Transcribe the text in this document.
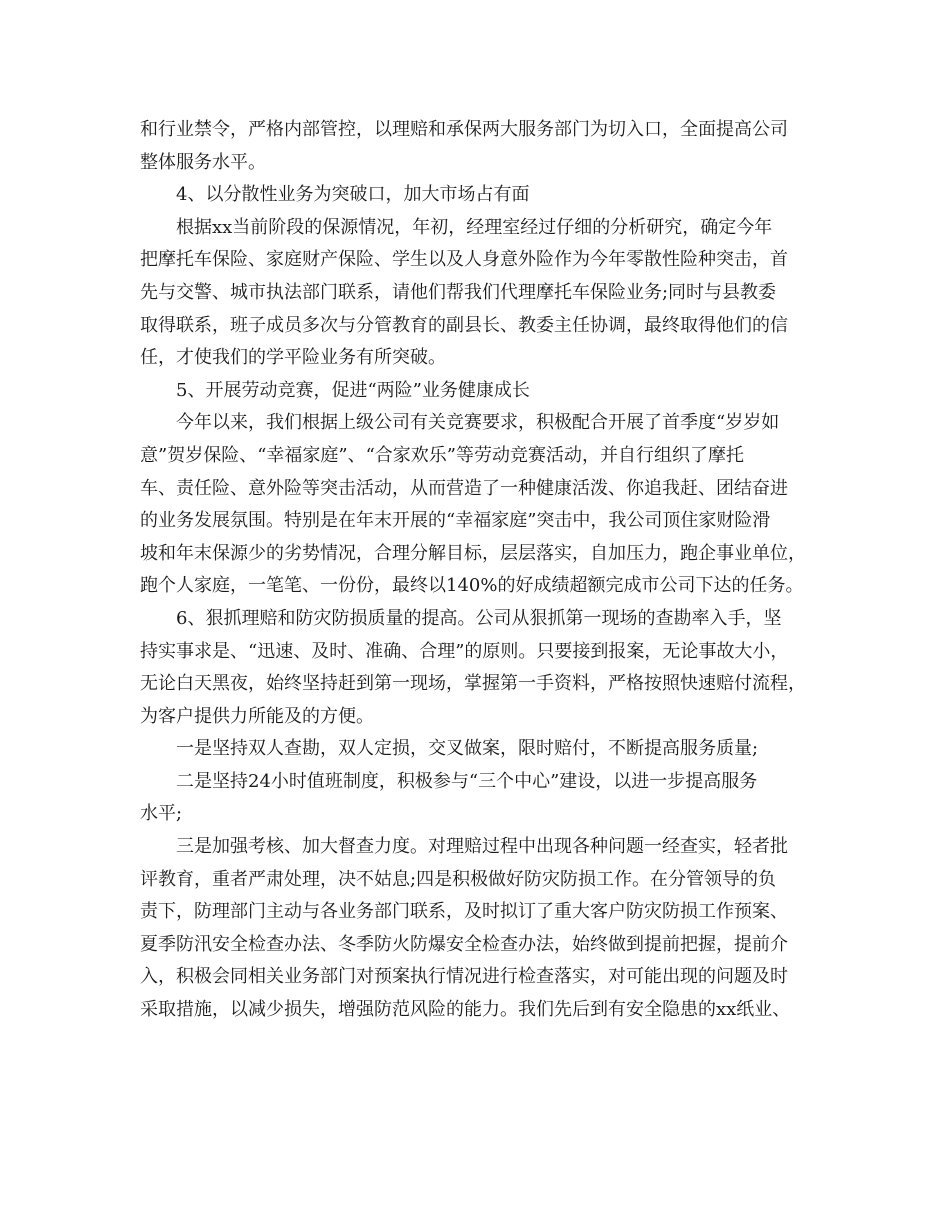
和行业禁令，严格内部管控，以理赔和承保两大服务部门为切入口，全面提高公司
整体服务水平。
4、以分散性业务为突破口，加大市场占有面
根据xx当前阶段的保源情况，年初，经理室经过仔细的分析研究，确定今年
把摩托车保险、家庭财产保险、学生以及人身意外险作为今年零散性险种突击，首
先与交警、城市执法部门联系，请他们帮我们代理摩托车保险业务;同时与县教委
取得联系，班子成员多次与分管教育的副县长、教委主任协调，最终取得他们的信
任，才使我们的学平险业务有所突破。
5、开展劳动竞赛，促进“两险”业务健康成长
今年以来，我们根据上级公司有关竞赛要求，积极配合开展了首季度“岁岁如
意”贺岁保险、“幸福家庭”、“合家欢乐”等劳动竞赛活动，并自行组织了摩托
车、责任险、意外险等突击活动，从而营造了一种健康活泼、你追我赶、团结奋进
的业务发展氛围。特别是在年末开展的“幸福家庭”突击中，我公司顶住家财险滑
坡和年末保源少的劣势情况，合理分解目标，层层落实，自加压力，跑企事业单位，
跑个人家庭，一笔笔、一份份，最终以140%的好成绩超额完成市公司下达的任务。
6、狠抓理赔和防灾防损质量的提高。公司从狠抓第一现场的查勘率入手，坚
持实事求是、“迅速、及时、准确、合理”的原则。只要接到报案，无论事故大小，
无论白天黑夜，始终坚持赶到第一现场，掌握第一手资料，严格按照快速赔付流程，
为客户提供力所能及的方便。
一是坚持双人查勘，双人定损，交叉做案，限时赔付，不断提高服务质量;
二是坚持24小时值班制度，积极参与“三个中心”建设，以进一步提高服务
水平;
三是加强考核、加大督查力度。对理赔过程中出现各种问题一经查实，轻者批
评教育，重者严肃处理，决不姑息;四是积极做好防灾防损工作。在分管领导的负
责下，防理部门主动与各业务部门联系，及时拟订了重大客户防灾防损工作预案、
夏季防汛安全检查办法、冬季防火防爆安全检查办法，始终做到提前把握，提前介
入，积极会同相关业务部门对预案执行情况进行检查落实，对可能出现的问题及时
采取措施，以减少损失，增强防范风险的能力。我们先后到有安全隐患的xx纸业、
